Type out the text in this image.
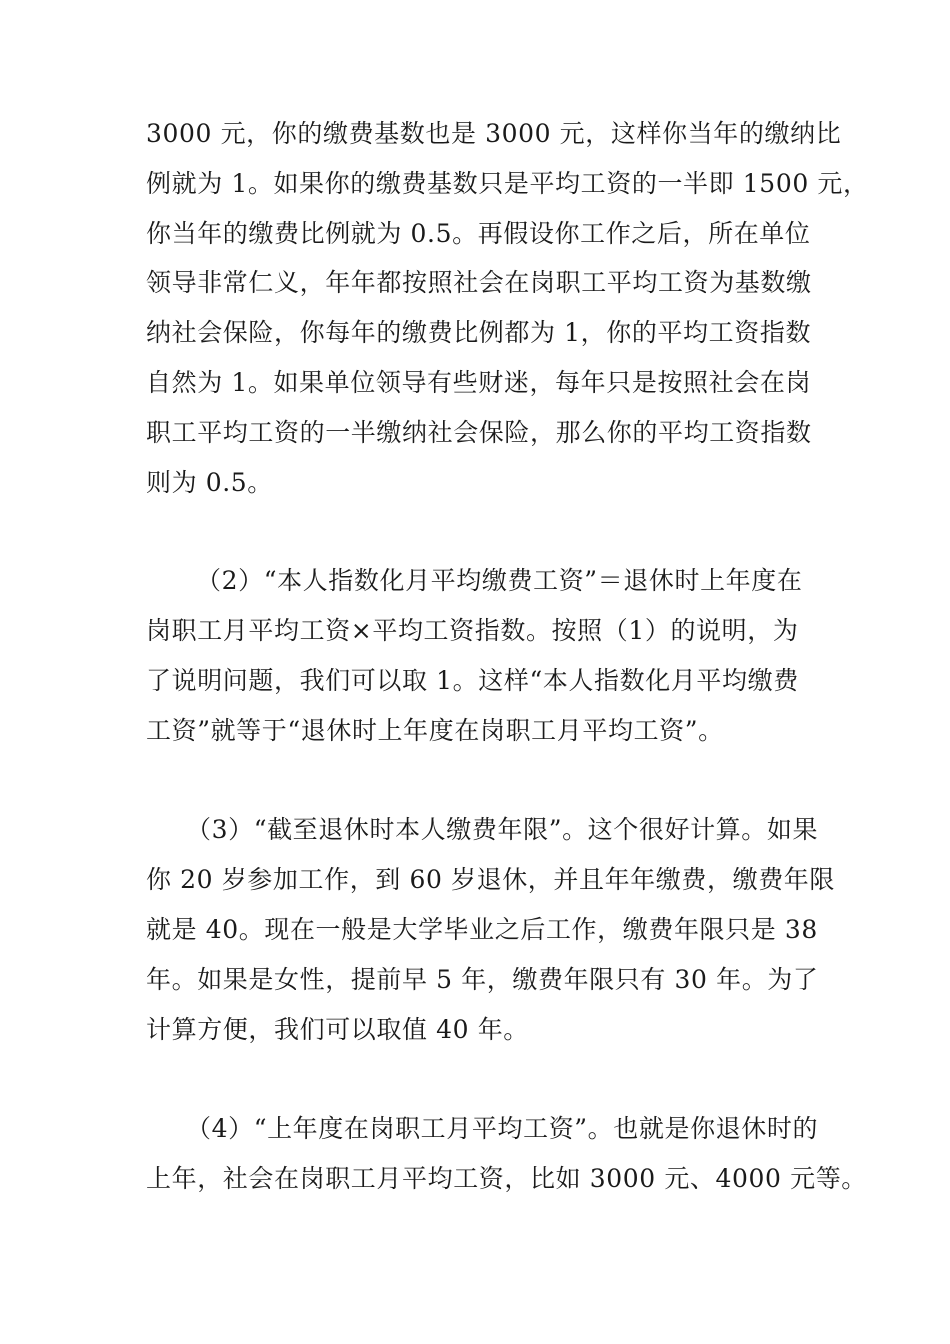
3000 元，你的缴费基数也是 3000 元，这样你当年的缴纳比
例就为 1。如果你的缴费基数只是平均工资的一半即 1500 元，
你当年的缴费比例就为 0.5。再假设你工作之后，所在单位
领导非常仁义，年年都按照社会在岗职工平均工资为基数缴
纳社会保险，你每年的缴费比例都为 1，你的平均工资指数
自然为 1。如果单位领导有些财迷，每年只是按照社会在岗
职工平均工资的一半缴纳社会保险，那么你的平均工资指数
则为 0.5。
（2）“本人指数化月平均缴费工资”＝退休时上年度在
岗职工月平均工资×平均工资指数。按照（1）的说明，为
了说明问题，我们可以取 1。这样“本人指数化月平均缴费
工资”就等于“退休时上年度在岗职工月平均工资”。
（3）“截至退休时本人缴费年限”。这个很好计算。如果
你 20 岁参加工作，到 60 岁退休，并且年年缴费，缴费年限
就是 40。现在一般是大学毕业之后工作，缴费年限只是 38
年。如果是女性，提前早 5 年，缴费年限只有 30 年。为了
计算方便，我们可以取值 40 年。
（4）“上年度在岗职工月平均工资”。也就是你退休时的
上年，社会在岗职工月平均工资，比如 3000 元、4000 元等。
